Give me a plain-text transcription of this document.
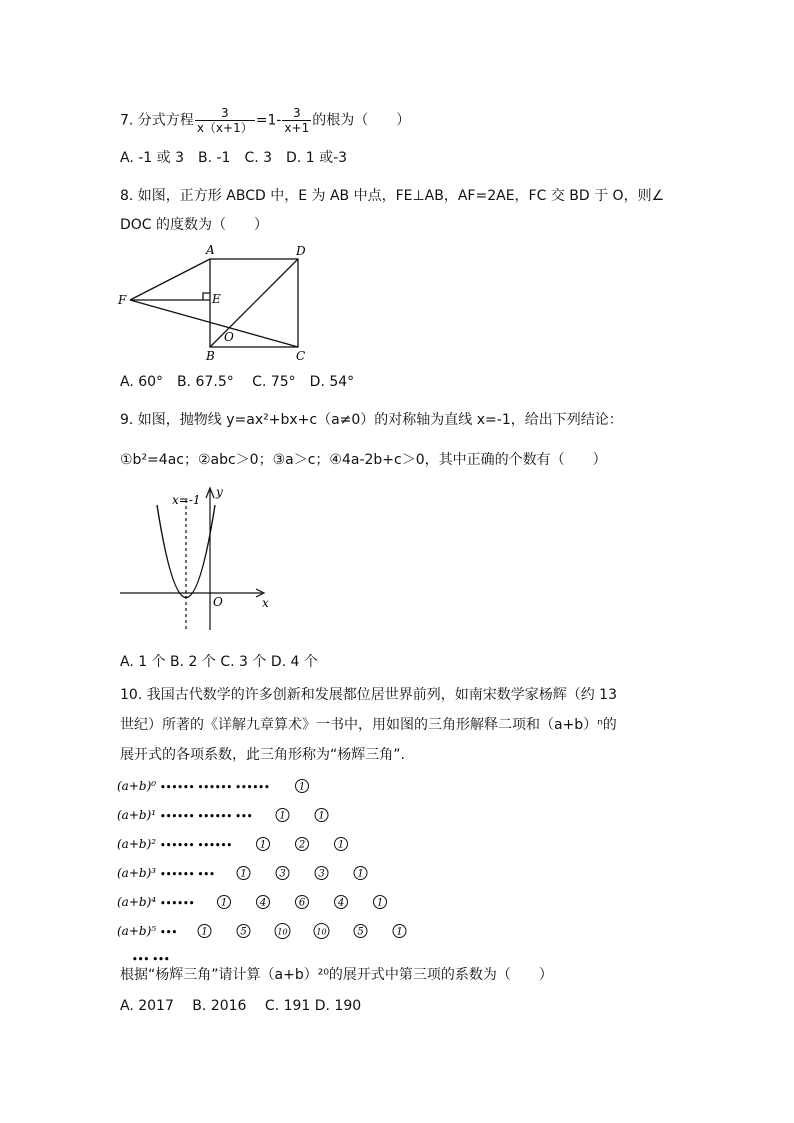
7. 分式方程 $\frac{3}{x(x+1)} =1- \frac{3}{x+1}$ 的根为（　　）
A. -1 或 3　B. -1　C. 3　D. 1 或-3
8. 如图，正方形 ABCD 中，E 为 AB 中点，FE⊥AB，AF=2AE，FC 交 BD 于 O，则∠
DOC 的度数为（　　）
A	D
F	E
O
B	C
A. 60°　B. 67.5°　 C. 75°　D. 54°
9. 如图，抛物线 y=ax²+bx+c（a≠0）的对称轴为直线 x=-1，给出下列结论：
①b²=4ac；②abc＞0；③a＞c；④4a-2b+c＞0，其中正确的个数有（　　）
x=-1
y
x
O
A. 1 个 B. 2 个 C. 3 个 D. 4 个
10. 我国古代数学的许多创新和发展都位居世界前列，如南宋数学家杨辉（约 13
世纪）所著的《详解九章算术》一书中，用如图的三角形解释二项和（a+b）ⁿ的
展开式的各项系数，此三角形称为“杨辉三角”.
(a+b)⁰ •••••• •••••• ••••••	1
(a+b)¹ •••••• •••••• •••	1	1
(a+b)² •••••• ••••••	1	2	1
(a+b)³ •••••• •••	1	3	3	1
(a+b)⁴ ••••••	1	4	6	4	1
(a+b)⁵ ••• 1	5	10	10	5	1
••• •••
根据“杨辉三角”请计算（a+b）²⁰的展开式中第三项的系数为（　　）
A. 2017　 B. 2016　 C. 191 D. 190
